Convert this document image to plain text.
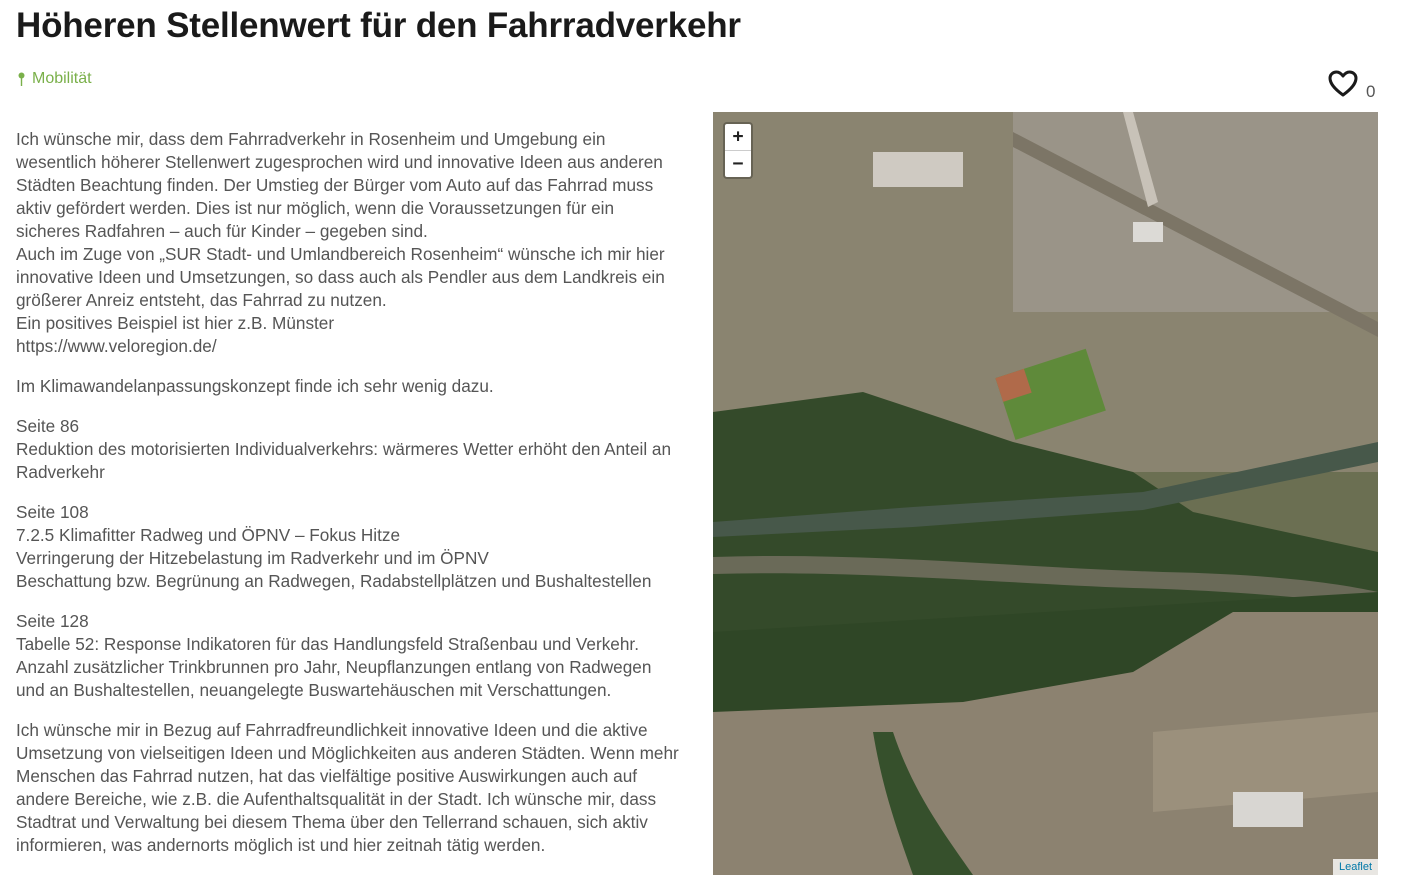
Höheren Stellenwert für den Fahrradverkehr
Mobilität
0

Ich wünsche mir, dass dem Fahrradverkehr in Rosenheim und Umgebung ein
wesentlich höherer Stellenwert zugesprochen wird und innovative Ideen aus anderen
Städten Beachtung finden. Der Umstieg der Bürger vom Auto auf das Fahrrad muss
aktiv gefördert werden. Dies ist nur möglich, wenn die Voraussetzungen für ein
sicheres Radfahren – auch für Kinder – gegeben sind.
Auch im Zuge von „SUR Stadt- und Umlandbereich Rosenheim“ wünsche ich mir hier
innovative Ideen und Umsetzungen, so dass auch als Pendler aus dem Landkreis ein
größerer Anreiz entsteht, das Fahrrad zu nutzen.
Ein positives Beispiel ist hier z.B. Münster
https://www.veloregion.de/

Im Klimawandelanpassungskonzept finde ich sehr wenig dazu.

Seite 86
Reduktion des motorisierten Individualverkehrs: wärmeres Wetter erhöht den Anteil an
Radverkehr

Seite 108
7.2.5 Klimafitter Radweg und ÖPNV – Fokus Hitze
Verringerung der Hitzebelastung im Radverkehr und im ÖPNV
Beschattung bzw. Begrünung an Radwegen, Radabstellplätzen und Bushaltestellen

Seite 128
Tabelle 52: Response Indikatoren für das Handlungsfeld Straßenbau und Verkehr.
Anzahl zusätzlicher Trinkbrunnen pro Jahr, Neupflanzungen entlang von Radwegen
und an Bushaltestellen, neuangelegte Buswartehäuschen mit Verschattungen.

Ich wünsche mir in Bezug auf Fahrradfreundlichkeit innovative Ideen und die aktive
Umsetzung von vielseitigen Ideen und Möglichkeiten aus anderen Städten. Wenn mehr
Menschen das Fahrrad nutzen, hat das vielfältige positive Auswirkungen auch auf
andere Bereiche, wie z.B. die Aufenthaltsqualität in der Stadt. Ich wünsche mir, dass
Stadtrat und Verwaltung bei diesem Thema über den Tellerrand schauen, sich aktiv
informieren, was andernorts möglich ist und hier zeitnah tätig werden.

+
−
Leaflet
